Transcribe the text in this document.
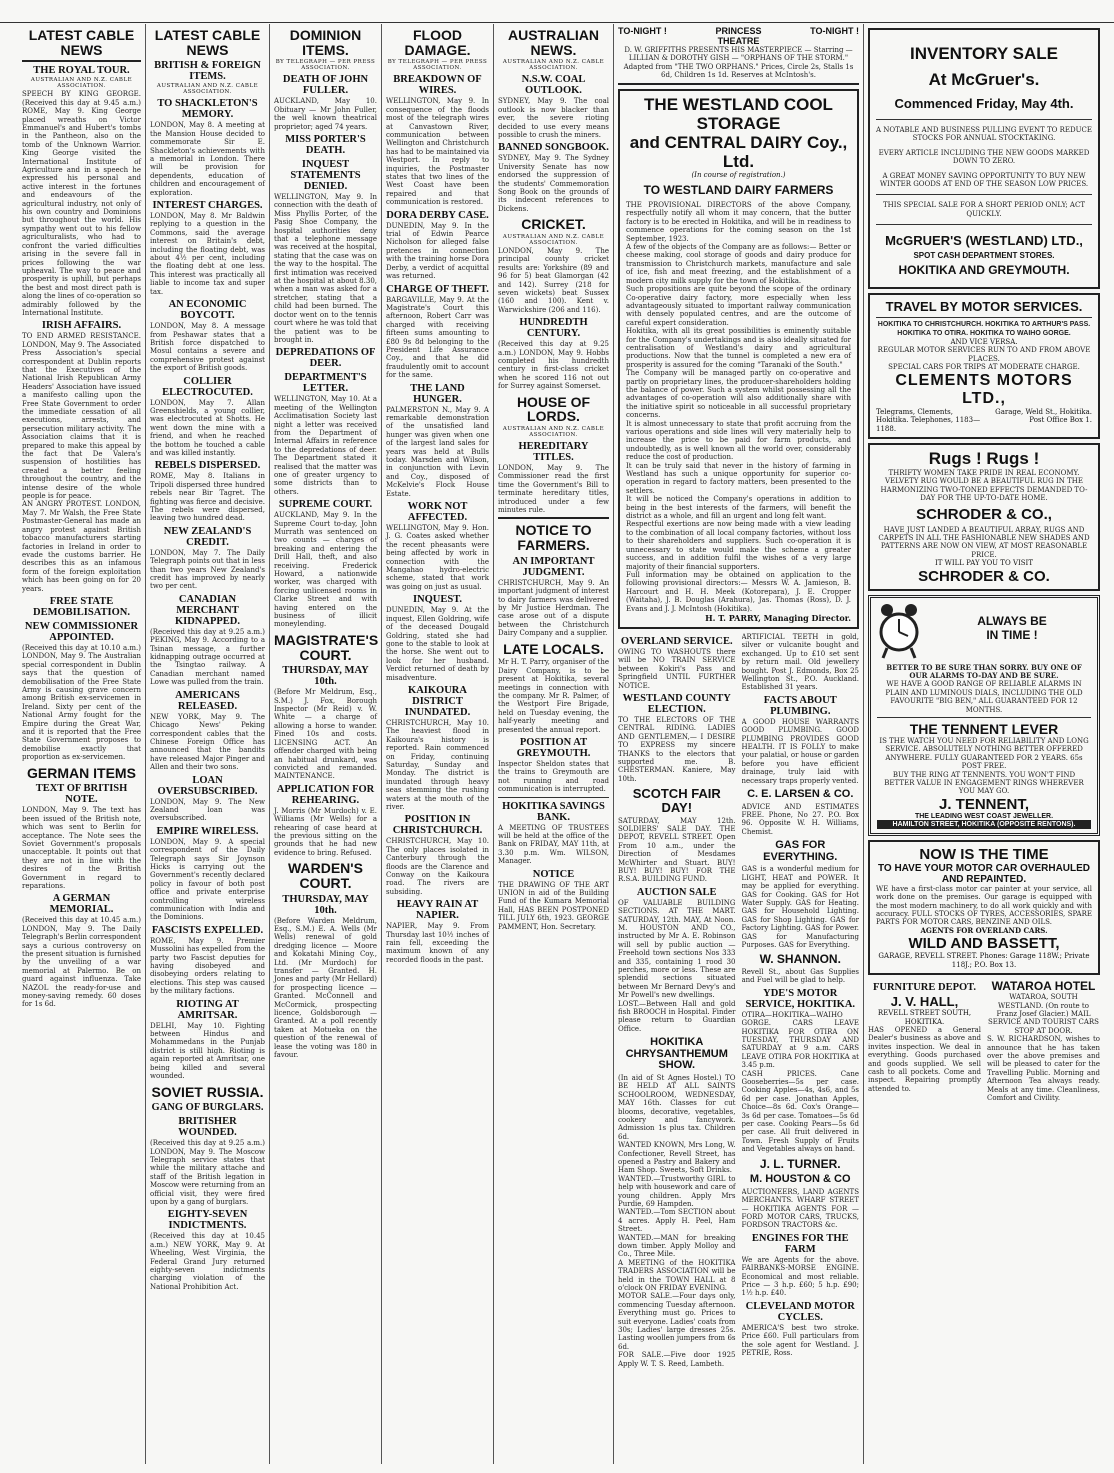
LATEST CABLE NEWS
THE ROYAL TOUR.
AUSTRALIAN AND N.Z. CABLE ASSOCIATION.

SPEECH BY KING GEORGE. (Received this day at 9.45 a.m.) ROME, May 9. King George placed wreaths on Victor Emmanuel's and Hubert's tombs in the Pantheon, also on the tomb of the Unknown Warrior. King George visited the International Institute of Agriculture and in a speech he expressed his personal and active interest in the fortunes and endeavours of the agricultural industry, not only of his own country and Dominions but throughout the world. His sympathy went out to his fellow agriculturalists, who had to confront the varied difficulties arising in the severe fall in prices following the war upheaval. The way to peace and prosperity is uphill, but perhaps the best and most direct path is along the lines of co-operation so admirably followed by the International Institute.

IRISH AFFAIRS.

TO END ARMED RESISTANCE. LONDON, May 9. The Associated Press Association's special correspondent at Dublin reports that the Executives of the National Irish Republican Army Headers' Association have issued a manifesto calling upon the Free State Government to order the immediate cessation of all executions, arrests, and persecution military activity. The Association claims that it is prepared to make this appeal by the fact that De Valera's suspension of hostilities has created a better feeling throughout the country, and the intense desire of the whole people is for peace.

AN ANGRY PROTEST. LONDON, May 7. Mr Walsh, the Free State Postmaster-General has made an angry protest against British tobacco manufacturers starting factories in Ireland in order to evade the customs barrier. He describes this as an infamous form of the foreign exploitation which has been going on for 20 years.

FREE STATE DEMOBILISATION.
NEW COMMISSIONER APPOINTED.

(Received this day at 10.10 a.m.) LONDON, May 9. The Australian special correspondent in Dublin says that the question of demobilisation of the Free State Army is causing grave concern among British ex-servicemen in Ireland. Sixty per cent of the National Army fought for the Empire during the Great War, and it is reported that the Free State Government proposes to demobilise exactly that proportion as ex-servicemen.

GERMAN ITEMS
TEXT OF BRITISH NOTE.

LONDON, May 9. The text has been issued of the British note, which was sent to Berlin for acceptance. The Note sees the Soviet Government's proposals unacceptable. It points out that they are not in line with the desires of the British Government in regard to reparations.

A GERMAN MEMORIAL.

(Received this day at 10.45 a.m.) LONDON, May 9. The Daily Telegraph's Berlin correspondent says a curious controversy on the present situation is furnished by the unveiling of a war memorial at Palermo. Be on guard against influenza. Take NAZOL the ready-for-use and money-saving remedy. 60 doses for 1s 6d.

LATEST CABLE NEWS
BRITISH & FOREIGN ITEMS.
AUSTRALIAN AND N.Z. CABLE ASSOCIATION.
TO SHACKLETON'S MEMORY.

LONDON, May 8. A meeting at the Mansion House decided to commemorate Sir E. Shackleton's achievements with a memorial in London. There will be provision for dependents, education of children and encouragement of exploration.

INTEREST CHARGES.

LONDON, May 8. Mr Baldwin replying to a question in the Commons, said the average interest on Britain's debt, including the floating debt, was about 4½ per cent, including the floating debt at one less. This interest was practically all liable to income tax and super tax.

AN ECONOMIC BOYCOTT.

LONDON, May 8. A message from Peshawar states that a British force dispatched to Mosul contains a severe and comprehensive protest against the export of British goods.

COLLIER ELECTROCUTED.

LONDON, May 7. Allan Greenshields, a young collier, was electrocuted at Shotts. He went down the mine with a friend, and when he reached the bottom he touched a cable and was killed instantly.

REBELS DISPERSED.

ROME, May 8. Italians in Tripoli dispersed three hundred rebels near Bir Tagret. The fighting was fierce and decisive. The rebels were dispersed, leaving two hundred dead.

NEW ZEALAND'S CREDIT.

LONDON, May 7. The Daily Telegraph points out that in less than two years New Zealand's credit has improved by nearly two per cent.

CANADIAN MERCHANT KIDNAPPED.

(Received this day at 9.25 a.m.) PEKING, May 9. According to a Tsinan message, a further kidnapping outrage occurred at the Tsingtao railway. A Canadian merchant named Lowe was pulled from the train.

AMERICANS RELEASED.

NEW YORK, May 9. The Chicago News' Peking correspondent cables that the Chinese Foreign Office has announced that the bandits have released Major Pinger and Allen and their two sons.

LOAN OVERSUBSCRIBED.

LONDON, May 9. The New Zealand loan was oversubscribed.

EMPIRE WIRELESS.

LONDON, May 9. A special correspondent of the Daily Telegraph says Sir Joynson Hicks is carrying out the Government's recently declared policy in favour of both post office and private enterprise controlling wireless communication with India and the Dominions.

FASCISTS EXPELLED.

ROME, May 9. Premier Mussolini has expelled from the party two Fascist deputies for having disobeyed and disobeying orders relating to elections. This step was caused by the military factions.

RIOTING AT AMRITSAR.

DELHI, May 10. Fighting between Hindus and Mohammedans in the Punjab district is still high. Rioting is again reported at Amritsar, one being killed and several wounded.

SOVIET RUSSIA.
GANG OF BURGLARS.
BRITISHER WOUNDED.

(Received this day at 9.25 a.m.) LONDON, May 9. The Moscow Telegraph service states that while the military attache and staff of the British legation in Moscow were returning from an official visit, they were fired upon by a gang of burglars.

EIGHTY-SEVEN INDICTMENTS.

(Received this day at 10.45 a.m.) NEW YORK, May 9. At Wheeling, West Virginia, the Federal Grand Jury returned eighty-seven indictments charging violation of the National Prohibition Act.

DOMINION ITEMS.
BY TELEGRAPH — PER PRESS ASSOCIATION.
DEATH OF JOHN FULLER.

AUCKLAND, May 10. Obituary — Mr John Fuller, the well known theatrical proprietor; aged 74 years.

MISS PORTER'S DEATH.
INQUEST STATEMENTS DENIED.

WELLINGTON, May 9. In connection with the death of Miss Phyllis Porter, of the Pasig Shoe Company, the hospital authorities deny that a telephone message was received at the hospital, stating that the case was on the way to the hospital. The first intimation was received at the hospital at about 8.30, when a man was asked for a stretcher, stating that a child had been burned. The doctor went on to the tennis court where he was told that the patient was to be brought in.

DEPREDATIONS OF DEER.
DEPARTMENT'S LETTER.

WELLINGTON, May 10. At a meeting of the Wellington Acclimatisation Society last night a letter was received from the Department of Internal Affairs in reference to the depredations of deer. The Department stated it realised that the matter was one of greater urgency to some districts than to others.

SUPREME COURT.

AUCKLAND, May 9. In the Supreme Court to-day, John Murrath was sentenced on two counts — charges of breaking and entering the Drill Hall, theft, and also receiving. Frederick Howard, a nationwide worker, was charged with forcing unlicensed rooms in Clarke Street and with having entered on the business of illicit moneylending.

MAGISTRATE'S COURT.
THURSDAY, MAY 10th.

(Before Mr Meldrum, Esq., S.M.) J. Fox, Borough Inspector (Mr Reid) v. W. White — a charge of allowing a horse to wander. Fined 10s and costs. LICENSING ACT. An offender charged with being an habitual drunkard, was convicted and remanded. MAINTENANCE.

APPLICATION FOR REHEARING.

J. Morris (Mr Murdoch) v. E. Williams (Mr Wells) for a rehearing of case heard at the previous sitting on the grounds that he had new evidence to bring. Refused.

WARDEN'S COURT.
THURSDAY, MAY 10th.

(Before Warden Meldrum, Esq., S.M.) E. A. Wells (Mr Wells) renewal of gold dredging licence — Moore and Kokatahi Mining Coy., Ltd. (Mr Murdoch) for transfer — Granted. H. Jones and party (Mr Hellard) for prospecting licence — Granted. McConnell and McCormick, prospecting licence, Goldsborough — Granted. At a poll recently taken at Motueka on the question of the renewal of lease the voting was 180 in favour.

FLOOD DAMAGE.
BY TELEGRAPH — PER PRESS ASSOCIATION.
BREAKDOWN OF WIRES.

WELLINGTON, May 9. In consequence of the floods most of the telegraph wires at Canvastown River, communication between Wellington and Christchurch has had to be maintained via Westport. In reply to inquiries, the Postmaster states that two lines of the West Coast have been repaired and that communication is restored.

DORA DERBY CASE.

DUNEDIN, May 9. In the trial of Edwin Pearce Nicholson for alleged false pretences in connection with the training horse Dora Derby, a verdict of acquittal was returned.

CHARGE OF THEFT.

BARGAVILLE, May 9. At the Magistrate's Court this afternoon, Robert Carr was charged with receiving fifteen sums amounting to £80 9s 8d belonging to the President Life Assurance Coy., and that he did fraudulently omit to account for the same.

THE LAND HUNGER.

PALMERSTON N., May 9. A remarkable demonstration of the unsatisfied land hunger was given when one of the largest land sales for years was held at Bulls today. Marsden and Wilson, in conjunction with Levin and Coy., disposed of McKelvie's Flock House Estate.

WORK NOT AFFECTED.

WELLINGTON, May 9. Hon. J. G. Coates asked whether the recent pheasants were being affected by work in connection with the Mangahao hydro-electric scheme, stated that work was going on just as usual.

INQUEST.

DUNEDIN, May 9. At the inquest, Ellen Goldring, wife of the deceased Dougald Goldring, stated she had gone to the stable to look at the horse. She went out to look for her husband. Verdict returned of death by misadventure.

KAIKOURA DISTRICT INUNDATED.

CHRISTCHURCH, May 10. The heaviest flood in Kaikoura's history is reported. Rain commenced on Friday, continuing Saturday, Sunday and Monday. The district is inundated through heavy seas stemming the rushing waters at the mouth of the river.

POSITION IN CHRISTCHURCH.

CHRISTCHURCH, May 10. The only places isolated in Canterbury through the floods are the Clarence and Conway on the Kaikoura road. The rivers are subsiding.

HEAVY RAIN AT NAPIER.

NAPIER, May 9. From Thursday last 10½ inches of rain fell, exceeding the maximum known of any recorded floods in the past.

AUSTRALIAN NEWS.
AUSTRALIAN AND N.Z. CABLE ASSOCIATION.
N.S.W. COAL OUTLOOK.

SYDNEY, May 9. The coal outlook is now blacker than ever, the severe rioting decided to use every means possible to crush the miners.

BANNED SONGBOOK.

SYDNEY, May 9. The Sydney University Senate has now endorsed the suppression of the students' Commemoration Song Book on the grounds of its indecent references to Dickens.

CRICKET.
AUSTRALIAN AND N.Z. CABLE ASSOCIATION.

LONDON, May 9. The principal county cricket results are: Yorkshire (89 and 96 for 5) beat Glamorgan (42 and 142). Surrey (218 for seven wickets) beat Sussex (160 and 100). Kent v. Warwickshire (206 and 116).

HUNDREDTH CENTURY.

(Received this day at 9.25 a.m.) LONDON, May 9. Hobbs completed his hundredth century in first-class cricket when he scored 116 not out for Surrey against Somerset.

HOUSE OF LORDS.
AUSTRALIAN AND N.Z. CABLE ASSOCIATION.
HEREDITARY TITLES.

LONDON, May 9. The Commissioner read the first time the Government's Bill to terminate hereditary titles, introduced under a few minutes rule.

NOTICE TO FARMERS.
AN IMPORTANT JUDGMENT.

CHRISTCHURCH, May 9. An important judgment of interest to dairy farmers was delivered by Mr Justice Herdman. The case arose out of a dispute between the Christchurch Dairy Company and a supplier.

LATE LOCALS.

Mr H. T. Parry, organiser of the Dairy Company, is to be present at Hokitika, several meetings in connection with the company. Mr R. Palmer, of the Westport Fire Brigade, held on Tuesday evening, the half-yearly meeting and presented the annual report.

POSITION AT GREYMOUTH.

Inspector Sheldon states that the trains to Greymouth are not running and road communication is interrupted.

HOKITIKA SAVINGS BANK.

A MEETING OF TRUSTEES will be held at the office of the Bank on FRIDAY, MAY 11th, at 3.30 p.m. Wm. WILSON, Manager.

NOTICE

THE DRAWING OF THE ART UNION in aid of the Building Fund of the Kumara Memorial Hall, HAS BEEN POSTPONED TILL JULY 6th, 1923. GEORGE PAMMENT, Hon. Secretary.

TO-NIGHT !	PRINCESS THEATRE
TO-NIGHT !

D. W. GRIFFITHS PRESENTS HIS MASTERPIECE — Starring — LILLIAN & DOROTHY GISH — "ORPHANS OF THE STORM." Adapted from "THE TWO ORPHANS." Prices, Circle 2s, Stalls 1s 6d, Children 1s 1d. Reserves at McIntosh's.

THE WESTLAND COOL STORAGE
and CENTRAL DAIRY Coy., Ltd.
(In course of registration.)
TO WESTLAND DAIRY FARMERS

THE PROVISIONAL DIRECTORS of the above Company, respectfully notify all whom it may concern, that the butter factory is to be erected in Hokitika, and will be in readiness to commence operations for the coming season on the 1st September, 1923.

A few of the objects of the Company are as follows:— Better or cheese making, cool storage of goods and dairy produce for transmission to Christchurch markets, manufacture and sale of ice, fish and meat freezing, and the establishment of a modern city milk supply for the town of Hokitika.

Such propositions are quite beyond the scope of the ordinary Co-operative dairy factory, more especially when less advantageously situated to important railway communication with densely populated centres, and are the outcome of careful expert consideration.

Hokitika, with all its great possibilities is eminently suitable for the Company's undertakings and is also ideally situated for centralisation of Westland's dairy and agricultural productions. Now that the tunnel is completed a new era of prosperity is assured for the coming "Taranaki of the South."

The Company will be managed partly on co-operative and partly on proprietary lines, the producer-shareholders holding the balance of power. Such a system whilst possessing all the advantages of co-operation will also additionally share with the initiative spirit so noticeable in all successful proprietary concerns.

It is almost unnecessary to state that profit accruing from the various operations and side lines will very materially help to increase the price to be paid for farm products, and undoubtedly, as is well known all the world over, considerably reduce the cost of production.

It can be truly said that never in the history of farming in Westland has such a unique opportunity for superior co-operation in regard to factory matters, been presented to the settlers.

It will be noticed the Company's operations in addition to being in the best interests of the farmers, will benefit the district as a whole, and fill an urgent and long felt want.

Respectful exertions are now being made with a view leading to the combination of all local company factories, without loss to their shareholders and suppliers. Such co-operation it is unnecessary to state would make the scheme a greater success, and in addition fulfil the wishes of a very large majority of their financial supporters.

Full information may be obtained on application to the following provisional directors:— Messrs W. A. Jamieson, B. Harcourt and H. H. Meek (Kotorepara), J. E. Cropper (Waitaha), J. B. Douglas (Arahura), Jas. Thomas (Ross), D. J. Evans and J. J. McIntosh (Hokitika).

H. T. PARRY, Managing Director.
OVERLAND SERVICE.

OWING TO WASHOUTS there will be NO TRAIN SERVICE between Kokiri's Pass and Springfield UNTIL FURTHER NOTICE.

WESTLAND COUNTY ELECTION.

TO THE ELECTORS OF THE CENTRAL RIDING. LADIES AND GENTLEMEN,— I DESIRE TO EXPRESS my sincere THANKS to the electors that supported me. B. CHESTERMAN. Kaniere, May 10th.

SCOTCH FAIR DAY!

SATURDAY, MAY 12th. SOLDIERS' SALE DAY. THE DEPOT, REVELL STREET. Open From 10 a.m., under the Direction of Mesdames McWhirter and Stuart. BUY! BUY! BUY! BUY! FOR THE R.S.A. BUILDING FUND.

AUCTION SALE

OF VALUABLE BUILDING SECTIONS. AT THE MART. SATURDAY, 12th. MAY, At Noon. M. HOUSTON AND CO., instructed by Mr A. E. Robinson will sell by public auction — Freehold town sections Nos 333 and 335, containing 1 rood 30 perches, more or less. These are splendid sections situated between Mr Bernard Devy's and Mr Powell's new dwellings.

LOST.—Between Hall and gold fish BROOCH in Hospital. Finder please return to Guardian Office.

HOKITIKA CHRYSANTHEMUM SHOW.

(In aid of St Agnes Hostel.) TO BE HELD AT ALL SAINTS SCHOOLROOM, WEDNESDAY, MAY 16th. Classes for cut blooms, decorative, vegetables, cookery and fancywork. Admission 1s plus tax. Children 6d.

WANTED KNOWN, Mrs Long, W. Confectioner, Revell Street, has opened a Pastry and Bakery and Ham Shop. Sweets, Soft Drinks.

WANTED.—Trustworthy GIRL to help with housework and care of young children. Apply Mrs Purdie, 69 Hampden.

WANTED.—Tom SECTION about 4 acres. Apply H. Peel, Ham Street.

WANTED.—MAN for breaking down timber. Apply Molloy and Co., Three Mile.

A MEETING of the HOKITIKA TRADERS ASSOCIATION will be held in the TOWN HALL at 8 o'clock ON FRIDAY EVENING.

MOTOR SALE.—Four days only, commencing Tuesday afternoon. Everything must go. Prices to suit everyone. Ladies' coats from 30s; Ladies' large dresses 25s. Lasting woollen jumpers from 6s 6d.

FOR SALE.—Five door 1925 Apply W. T. S. Reed, Lambeth.

ARTIFICIAL TEETH in gold, silver or vulcanite bought and exchanged. Up to £10 set sent by return mail. Old jewellery bought. Post J. Edmonds, Box 25 Wellington St., P.O. Auckland. Established 31 years.

FACTS ABOUT PLUMBING.

A GOOD HOUSE WARRANTS GOOD PLUMBING. GOOD PLUMBING PROVIDES GOOD HEALTH. IT IS FOLLY to make your palatial, or house or garden before you have efficient drainage, truly laid with necessary traps properly vented.

C. E. LARSEN & CO.

ADVICE AND ESTIMATES FREE. Phone, No 27. P.O. Box 96. Opposite W. H. Williams, Chemist.

GAS FOR EVERYTHING.

GAS is a wonderful medium for LIGHT, HEAT and POWER. It may be applied for everything. GAS for Cooking. GAS for Hot Water Supply. GAS for Heating. GAS for Household Lighting. GAS for Shop Lighting. GAS for Factory Lighting. GAS for Power. GAS for Manufacturing Purposes. GAS for Everything.

W. SHANNON.

Revell St., about Gas Supplies and Fuel will be glad to help.

YDE'S MOTOR SERVICE, HOKITIKA.

OTIRA—HOKITIKA—WAIHO GORGE. CARS LEAVE HOKITIKA FOR OTIRA ON TUESDAY, THURSDAY AND SATURDAY at 9 a.m. CARS LEAVE OTIRA FOR HOKITIKA at 3.45 p.m.

CASH PRICES. Cane Gooseberries—5s per case. Cooking Apples—4s, 4s6, and 5s 6d per case. Jonathan Apples, Choice—8s 6d. Cox's Orange—3s 6d per case. Tomatoes—5s 6d per case. Cooking Pears—5s 6d per case. All fruit delivered in Town. Fresh Supply of Fruits and Vegetables always on hand.

J. L. TURNER.
M. HOUSTON & CO

AUCTIONEERS, LAND AGENTS MERCHANTS. WHARF STREET — HOKITIKA AGENTS FOR — FORD MOTOR CARS, TRUCKS, FORDSON TRACTORS &c.

ENGINES FOR THE FARM

We are Agents for the above. FAIRBANKS-MORSE ENGINE. Economical and most reliable. Price — 3 h.p. £60; 5 h.p. £90; 1½ h.p. £40.

CLEVELAND MOTOR CYCLES.

AMERICA'S best two stroke. Price £60. Full particulars from the sole agent for Westland. J. PETRIE, Ross.

INVENTORY SALE
At McGruer's.
Commenced Friday, May 4th.

A NOTABLE AND BUSINESS PULLING EVENT TO REDUCE STOCKS FOR ANNUAL STOCKTAKING.

EVERY ARTICLE INCLUDING THE NEW GOODS MARKED DOWN TO ZERO.

A GREAT MONEY SAVING OPPORTUNITY TO BUY NEW WINTER GOODS AT END OF THE SEASON LOW PRICES.

THIS SPECIAL SALE FOR A SHORT PERIOD ONLY; ACT QUICKLY.

McGRUER'S (WESTLAND) LTD.,
SPOT CASH DEPARTMENT STORES.
HOKITIKA AND GREYMOUTH.
TRAVEL BY MOTOR SERVICES.

HOKITIKA TO CHRISTCHURCH. HOKITIKA TO ARTHUR'S PASS. HOKITIKA TO OTIRA. HOKITIKA TO WAIHO GORGE.

AND VICE VERSA.

REGULAR MOTOR SERVICES RUN TO AND FROM ABOVE PLACES.

SPECIAL CARS FOR TRIPS AT MODERATE CHARGE.

CLEMENTS MOTORS LTD.,
Telegrams, Clements, Hokitika. Telephones, 1183—1188.
Garage, Weld St., Hokitika. Post Office Box 1.
Rugs ! Rugs !

THRIFTY WOMEN TAKE PRIDE IN REAL ECONOMY. VELVETY RUG WOULD BE A BEAUTIFUL RUG IN THE HARMONIZING TWO-TONED EFFECTS DEMANDED TO-DAY FOR THE UP-TO-DATE HOME.

SCHRODER & CO.,

HAVE JUST LANDED A BEAUTIFUL ARRAY, RUGS AND CARPETS IN ALL THE FASHIONABLE NEW SHADES AND PATTERNS ARE NOW ON VIEW, AT MOST REASONABLE PRICE.

IT WILL PAY YOU TO VISIT
SCHRODER & CO.
ALWAYS BE
IN TIME !

BETTER TO BE SURE THAN SORRY. BUY ONE OF OUR ALARMS TO-DAY AND BE SURE.

WE HAVE A GOOD RANGE OF RELIABLE ALARMS IN PLAIN AND LUMINOUS DIALS, INCLUDING THE OLD FAVOURITE "BIG BEN," ALL GUARANTEED FOR 12 MONTHS.

THE TENNENT LEVER

IS THE WATCH YOU NEED FOR RELIABILITY AND LONG SERVICE. ABSOLUTELY NOTHING BETTER OFFERED ANYWHERE. FULLY GUARANTEED FOR 2 YEARS. 65s POST FREE.

BUY THE RING AT TENNENTS. YOU WON'T FIND BETTER VALUE IN ENGAGEMENT RINGS WHEREVER YOU MAY GO.

J. TENNENT,
THE LEADING WEST COAST JEWELLER.
HAMILTON STREET, HOKITIKA (OPPOSITE RENTONS).
NOW IS THE TIME
TO HAVE YOUR MOTOR CAR OVERHAULED AND REPAINTED.

WE have a first-class motor car painter at your service, all work done on the premises. Our garage is equipped with the most modern machinery, to do all work quickly and with accuracy. FULL STOCKS OF TYRES, ACCESSORIES, SPARE PARTS FOR MOTOR CARS, BENZINE AND OILS.

AGENTS FOR OVERLAND CARS.
WILD AND BASSETT,
GARAGE, REVELL STREET. Phones: Garage 118W.; Private 118J.; P.O. Box 13.
FURNITURE DEPOT.
J. V. HALL,
REVELL STREET SOUTH, HOKITIKA.

HAS OPENED a General Dealer's business as above and invites inspection. We deal in everything. Goods purchased and goods supplied. We sell cash to all pockets. Come and inspect. Repairing promptly attended to.

WATAROA HOTEL

WATAROA, SOUTH WESTLAND. (On route to Franz Josef Glacier.) MAIL SERVICE AND TOURIST CARS STOP AT DOOR.

S. W. RICHARDSON, wishes to announce that he has taken over the above premises and will be pleased to cater for the Travelling Public. Morning and Afternoon Tea always ready. Meals at any time. Cleanliness, Comfort and Civility.
